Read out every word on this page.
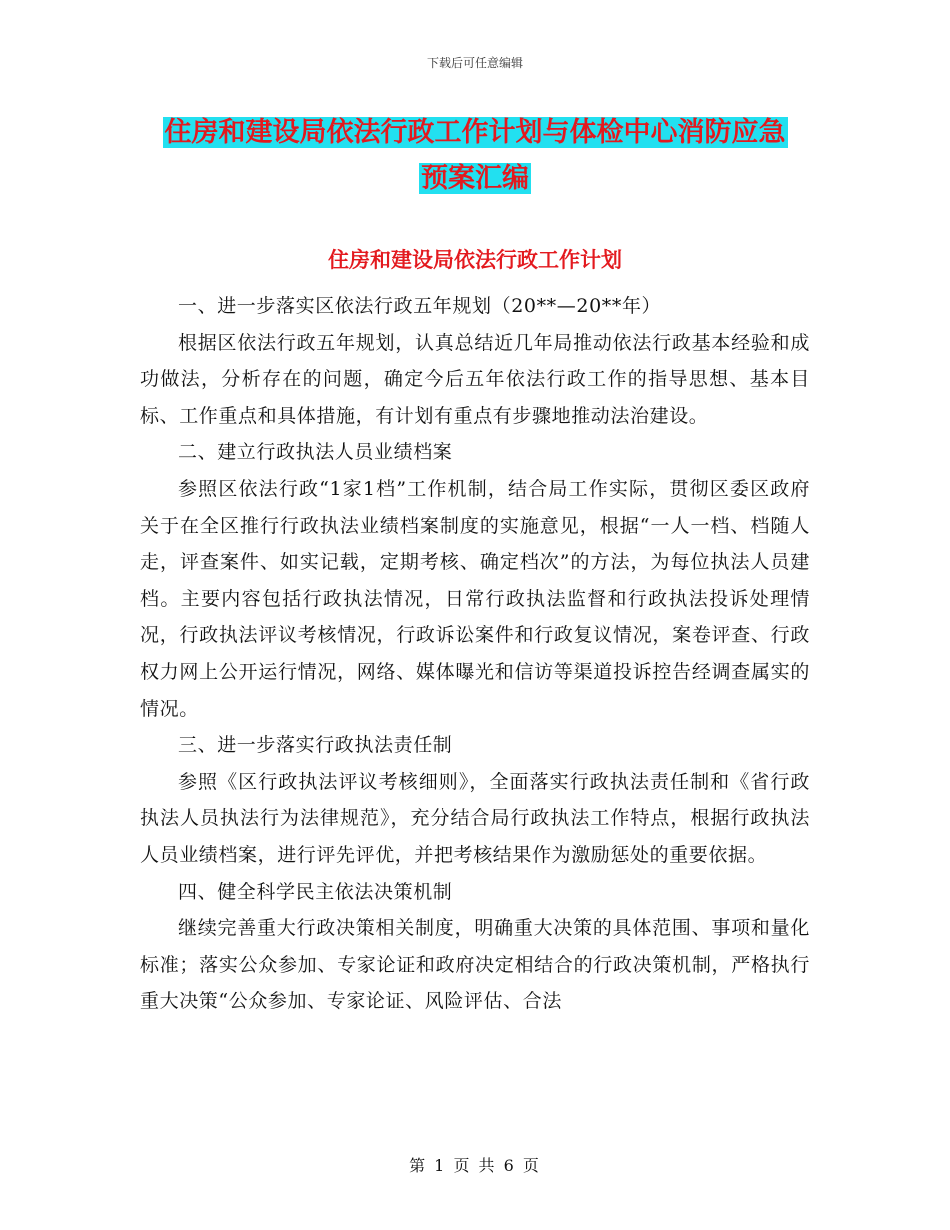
下载后可任意编辑
住房和建设局依法行政工作计划与体检中心消防应急
预案汇编
住房和建设局依法行政工作计划

一、进一步落实区依法行政五年规划（20**—20**年）

根据区依法行政五年规划，认真总结近几年局推动依法行政基本经验和成功做法，分析存在的问题，确定今后五年依法行政工作的指导思想、基本目标、工作重点和具体措施，有计划有重点有步骤地推动法治建设。

二、建立行政执法人员业绩档案

参照区依法行政“1家1档”工作机制，结合局工作实际，贯彻区委区政府关于在全区推行行政执法业绩档案制度的实施意见，根据“一人一档、档随人走，评查案件、如实记载，定期考核、确定档次”的方法，为每位执法人员建档。主要内容包括行政执法情况，日常行政执法监督和行政执法投诉处理情况，行政执法评议考核情况，行政诉讼案件和行政复议情况，案卷评查、行政权力网上公开运行情况，网络、媒体曝光和信访等渠道投诉控告经调查属实的情况。

三、进一步落实行政执法责任制

参照《区行政执法评议考核细则》，全面落实行政执法责任制和《省行政执法人员执法行为法律规范》，充分结合局行政执法工作特点，根据行政执法人员业绩档案，进行评先评优，并把考核结果作为激励惩处的重要依据。

四、健全科学民主依法决策机制

继续完善重大行政决策相关制度，明确重大决策的具体范围、事项和量化标准；落实公众参加、专家论证和政府决定相结合的行政决策机制，严格执行重大决策“公众参加、专家论证、风险评估、合法

第 1 页 共 6 页
